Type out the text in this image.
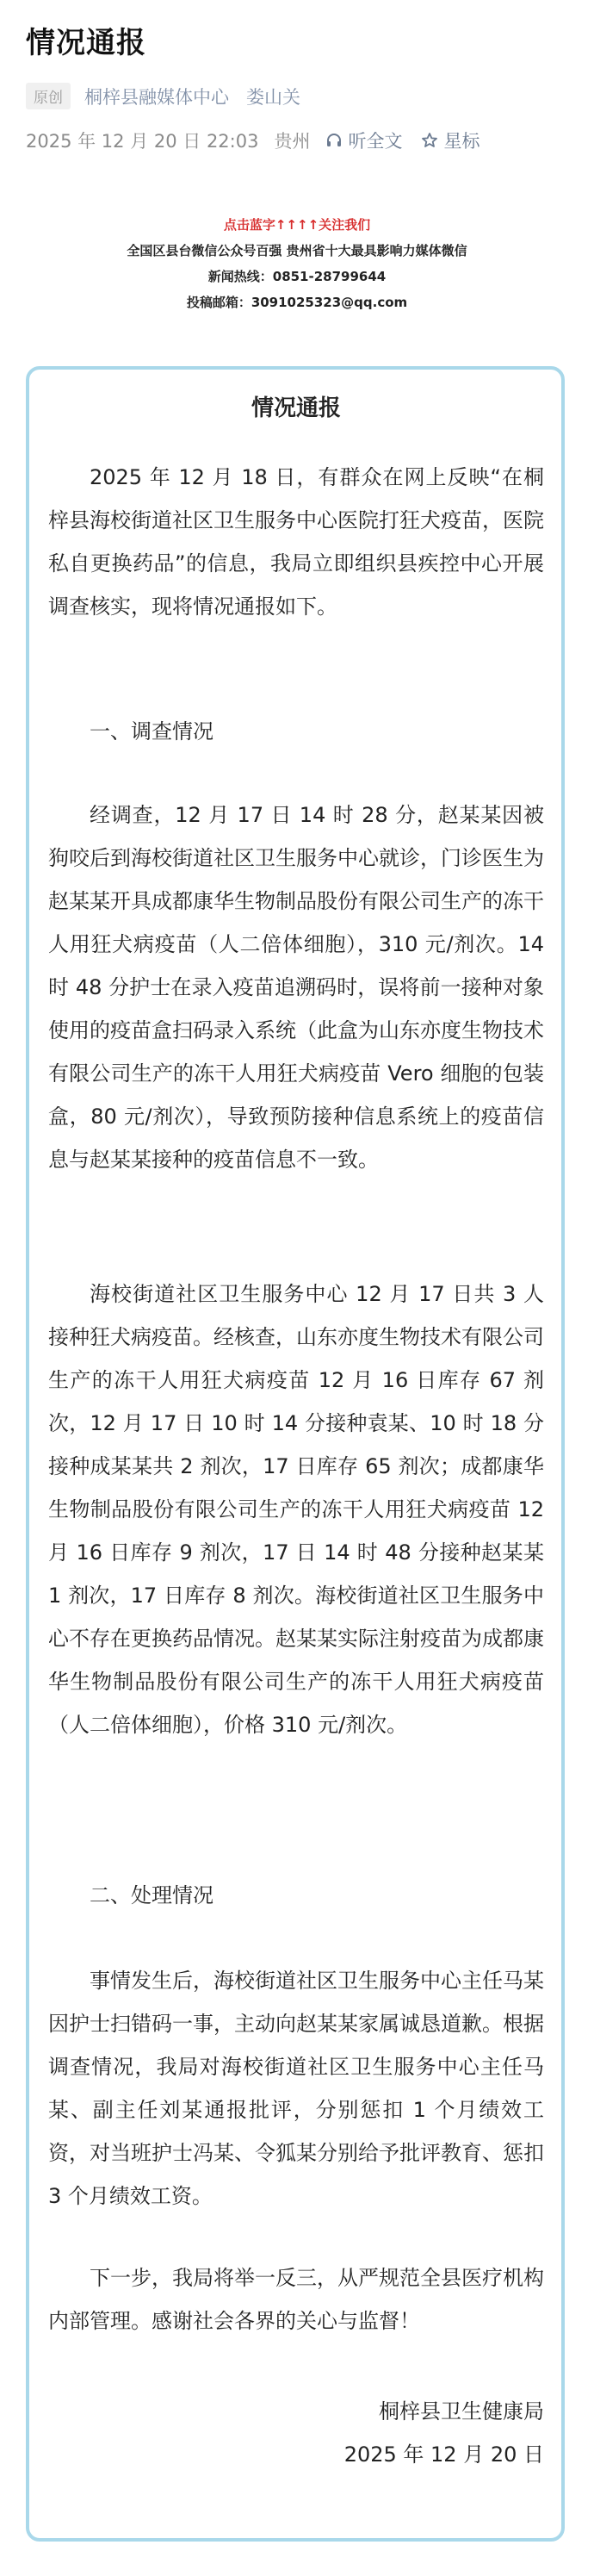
情况通报
原创	桐梓县融媒体中心 娄山关
2025 年 12 月 20 日 22:03 贵州 听全文 星标
点击蓝字↑↑↑↑关注我们
全国区县台微信公众号百强 贵州省十大最具影响力媒体微信
新闻热线：0851-28799644
投稿邮箱：3091025323@qq.com
情况通报

2025 年 12 月 18 日，有群众在网上反映“在桐梓县海校街道社区卫生服务中心医院打狂犬疫苗，医院私自更换药品”的信息，我局立即组织县疾控中心开展调查核实，现将情况通报如下。

一、调查情况

经调查，12 月 17 日 14 时 28 分，赵某某因被狗咬后到海校街道社区卫生服务中心就诊，门诊医生为赵某某开具成都康华生物制品股份有限公司生产的冻干人用狂犬病疫苗（人二倍体细胞），310 元/剂次。14 时 48 分护士在录入疫苗追溯码时，误将前一接种对象使用的疫苗盒扫码录入系统（此盒为山东亦度生物技术有限公司生产的冻干人用狂犬病疫苗 Vero 细胞的包装盒，80 元/剂次），导致预防接种信息系统上的疫苗信息与赵某某接种的疫苗信息不一致。

海校街道社区卫生服务中心 12 月 17 日共 3 人接种狂犬病疫苗。经核查，山东亦度生物技术有限公司生产的冻干人用狂犬病疫苗 12 月 16 日库存 67 剂次，12 月 17 日 10 时 14 分接种袁某、10 时 18 分接种成某某共 2 剂次，17 日库存 65 剂次；成都康华生物制品股份有限公司生产的冻干人用狂犬病疫苗 12 月 16 日库存 9 剂次，17 日 14 时 48 分接种赵某某 1 剂次，17 日库存 8 剂次。海校街道社区卫生服务中心不存在更换药品情况。赵某某实际注射疫苗为成都康华生物制品股份有限公司生产的冻干人用狂犬病疫苗（人二倍体细胞），价格 310 元/剂次。

二、处理情况

事情发生后，海校街道社区卫生服务中心主任马某因护士扫错码一事，主动向赵某某家属诚恳道歉。根据调查情况，我局对海校街道社区卫生服务中心主任马某、副主任刘某通报批评，分别惩扣 1 个月绩效工资，对当班护士冯某、令狐某分别给予批评教育、惩扣 3 个月绩效工资。

下一步，我局将举一反三，从严规范全县医疗机构内部管理。感谢社会各界的关心与监督！

桐梓县卫生健康局
2025 年 12 月 20 日
